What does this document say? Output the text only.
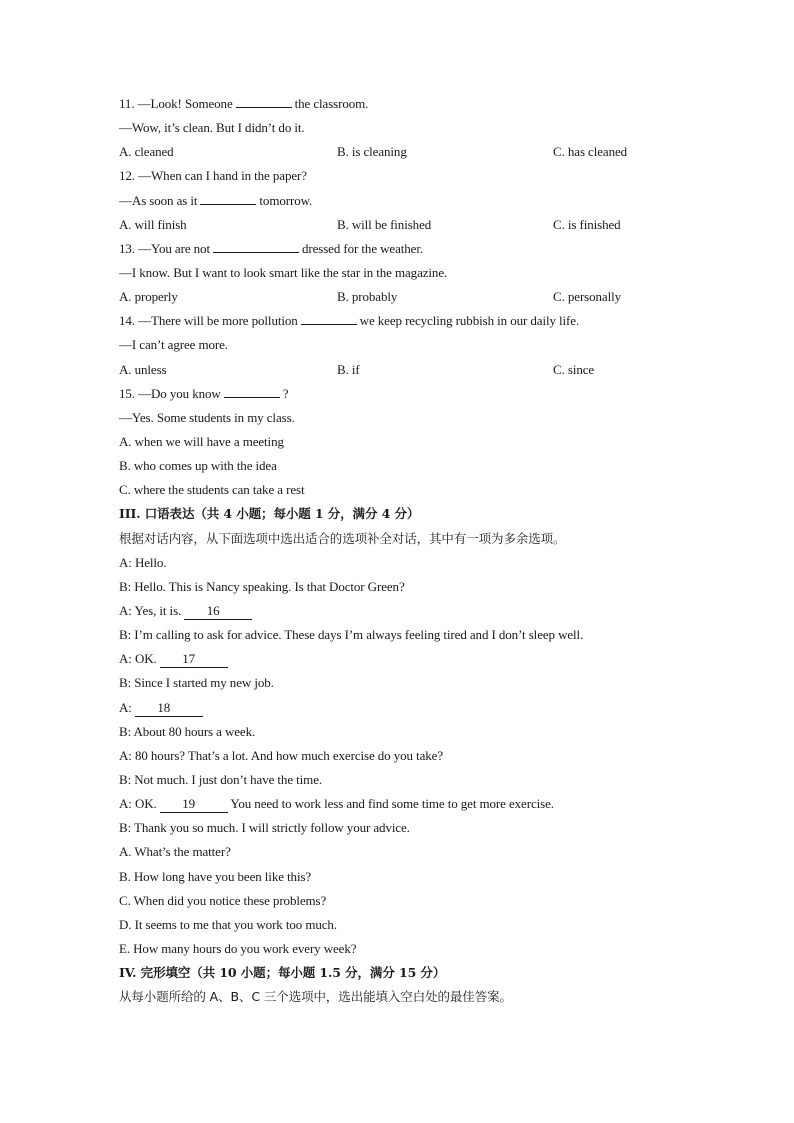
11. —Look! Someone	the classroom.
—Wow, it’s clean. But I didn’t do it.
A. cleaned	B. is cleaning	C. has cleaned
12. —When can I hand in the paper?
—As soon as it	tomorrow.
A. will finish	B. will be finished	C. is finished
13. —You are not	dressed for the weather.
—I know. But I want to look smart like the star in the magazine.
A. properly	B. probably	C. personally
14. —There will be more pollution	we keep recycling rubbish in our daily life.
—I can’t agree more.
A. unless	B. if	C. since
15. —Do you know	?
—Yes. Some students in my class.
A. when we will have a meeting
B. who comes up with the idea
C. where the students can take a rest
III. 口语表达（共 4 小题；每小题 1 分，满分 4 分）
根据对话内容，从下面选项中选出适合的选项补全对话，其中有一项为多余选项。
A: Hello.
B: Hello. This is Nancy speaking. Is that Doctor Green?
A: Yes, it is. 16
B: I’m calling to ask for advice. These days I’m always feeling tired and I don’t sleep well.
A: OK. 17
B: Since I started my new job.
A: 18
B: About 80 hours a week.
A: 80 hours? That’s a lot. And how much exercise do you take?
B: Not much. I just don’t have the time.
A: OK. 19	You need to work less and find some time to get more exercise.
B: Thank you so much. I will strictly follow your advice.
A. What’s the matter?
B. How long have you been like this?
C. When did you notice these problems?
D. It seems to me that you work too much.
E. How many hours do you work every week?
IV. 完形填空（共 10 小题；每小题 1.5 分，满分 15 分）
从每小题所给的 A、B、C 三个选项中，选出能填入空白处的最佳答案。
